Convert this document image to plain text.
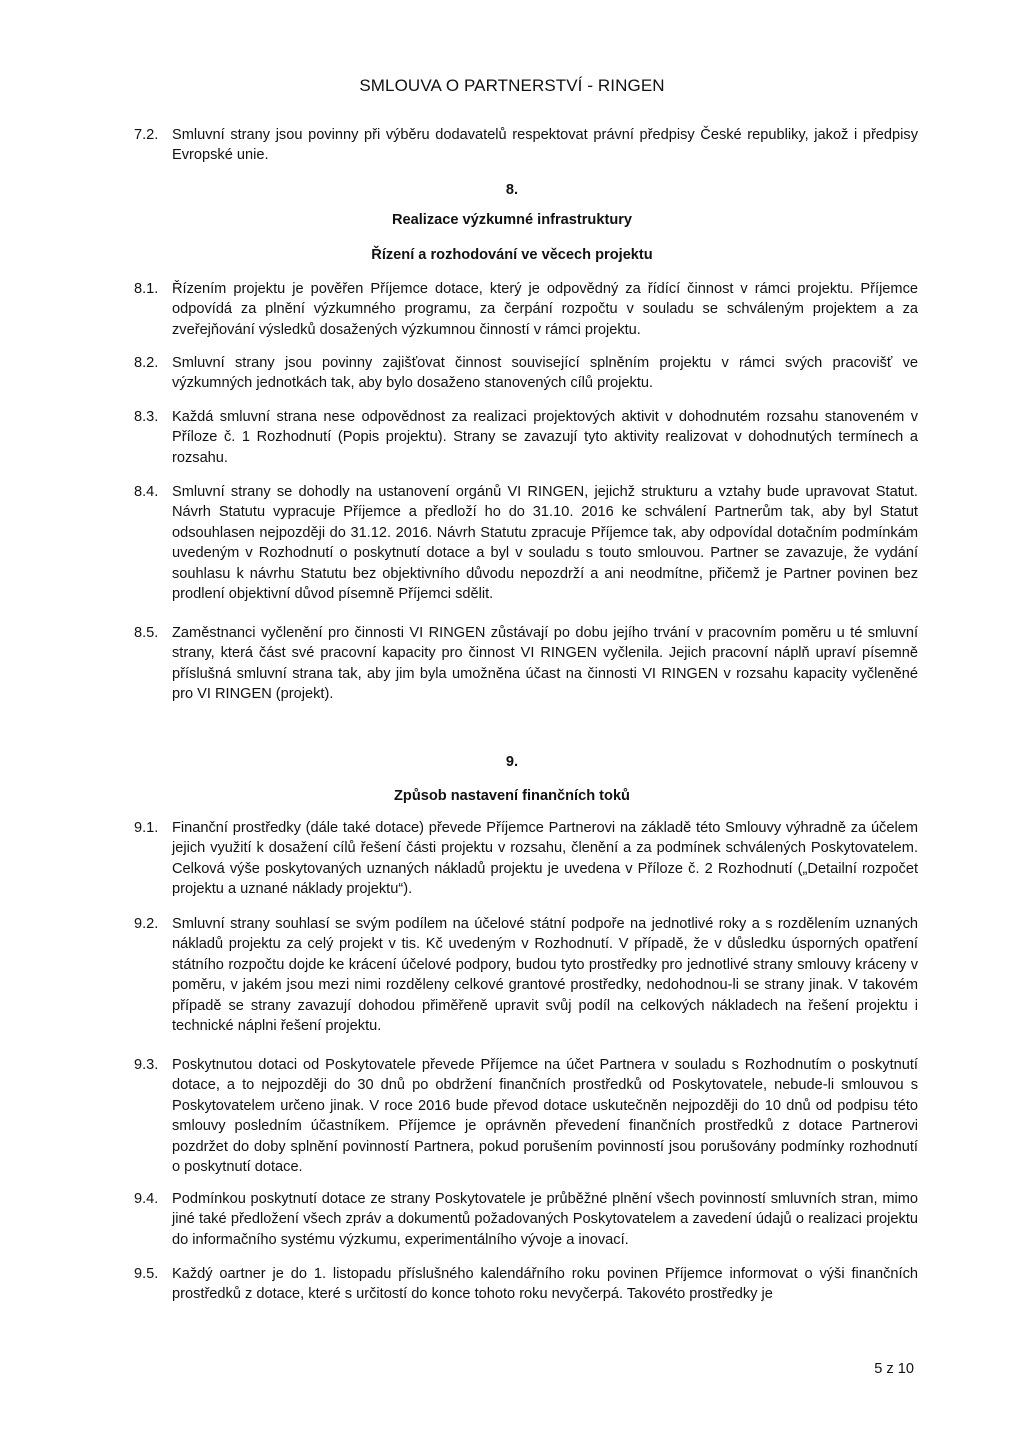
SMLOUVA O PARTNERSTVÍ - RINGEN
7.2. Smluvní strany jsou povinny při výběru dodavatelů respektovat právní předpisy České republiky, jakož i předpisy Evropské unie.
8.
Realizace výzkumné infrastruktury
Řízení a rozhodování ve věcech projektu
8.1. Řízením projektu je pověřen Příjemce dotace, který je odpovědný za řídící činnost v rámci projektu. Příjemce odpovídá za plnění výzkumného programu, za čerpání rozpočtu v souladu se schváleným projektem a za zveřejňování výsledků dosažených výzkumnou činností v rámci projektu.
8.2. Smluvní strany jsou povinny zajišťovat činnost související splněním projektu v rámci svých pracovišť ve výzkumných jednotkách tak, aby bylo dosaženo stanovených cílů projektu.
8.3. Každá smluvní strana nese odpovědnost za realizaci projektových aktivit v dohodnutém rozsahu stanoveném v Příloze č. 1 Rozhodnutí (Popis projektu). Strany se zavazují tyto aktivity realizovat v dohodnutých termínech a rozsahu.
8.4. Smluvní strany se dohodly na ustanovení orgánů VI RINGEN, jejichž strukturu a vztahy bude upravovat Statut. Návrh Statutu vypracuje Příjemce a předloží ho do 31.10. 2016 ke schválení Partnerům tak, aby byl Statut odsouhlasen nejpozději do 31.12. 2016. Návrh Statutu zpracuje Příjemce tak, aby odpovídal dotačním podmínkám uvedeným v Rozhodnutí o poskytnutí dotace a byl v souladu s touto smlouvou. Partner se zavazuje, že vydání souhlasu k návrhu Statutu bez objektivního důvodu nepozdrží a ani neodmítne, přičemž je Partner povinen bez prodlení objektivní důvod písemně Příjemci sdělit.
8.5. Zaměstnanci vyčlenění pro činnosti VI RINGEN zůstávají po dobu jejího trvání v pracovním poměru u té smluvní strany, která část své pracovní kapacity pro činnost VI RINGEN vyčlenila. Jejich pracovní náplň upraví písemně příslušná smluvní strana tak, aby jim byla umožněna účast na činnosti VI RINGEN v rozsahu kapacity vyčleněné pro VI RINGEN (projekt).
9.
Způsob nastavení finančních toků
9.1. Finanční prostředky (dále také dotace) převede Příjemce Partnerovi na základě této Smlouvy výhradně za účelem jejich využití k dosažení cílů řešení části projektu v rozsahu, členění a za podmínek schválených Poskytovatelem. Celková výše poskytovaných uznaných nákladů projektu je uvedena v Příloze č. 2 Rozhodnutí („Detailní rozpočet projektu a uznané náklady projektu“).
9.2. Smluvní strany souhlasí se svým podílem na účelové státní podpoře na jednotlivé roky a s rozdělením uznaných nákladů projektu za celý projekt v tis. Kč uvedeným v Rozhodnutí. V případě, že v důsledku úsporných opatření státního rozpočtu dojde ke krácení účelové podpory, budou tyto prostředky pro jednotlivé strany smlouvy kráceny v poměru, v jakém jsou mezi nimi rozděleny celkové grantové prostředky, nedohodnou-li se strany jinak. V takovém případě se strany zavazují dohodou přiměřeně upravit svůj podíl na celkových nákladech na řešení projektu i technické náplni řešení projektu.
9.3. Poskytnutou dotaci od Poskytovatele převede Příjemce na účet Partnera v souladu s Rozhodnutím o poskytnutí dotace, a to nejpozději do 30 dnů po obdržení finančních prostředků od Poskytovatele, nebude-li smlouvou s Poskytovatelem určeno jinak. V roce 2016 bude převod dotace uskutečněn nejpozději do 10 dnů od podpisu této smlouvy posledním účastníkem. Příjemce je oprávněn převedení finančních prostředků z dotace Partnerovi pozdržet do doby splnění povinností Partnera, pokud porušením povinností jsou porušovány podmínky rozhodnutí o poskytnutí dotace.
9.4. Podmínkou poskytnutí dotace ze strany Poskytovatele je průběžné plnění všech povinností smluvních stran, mimo jiné také předložení všech zpráv a dokumentů požadovaných Poskytovatelem a zavedení údajů o realizaci projektu do informačního systému výzkumu, experimentálního vývoje a inovací.
9.5. Každý oartner je do 1. listopadu příslušného kalendářního roku povinen Příjemce informovat o výši finančních prostředků z dotace, které s určitostí do konce tohoto roku nevyčerpá. Takovéto prostředky je
5 z 10
